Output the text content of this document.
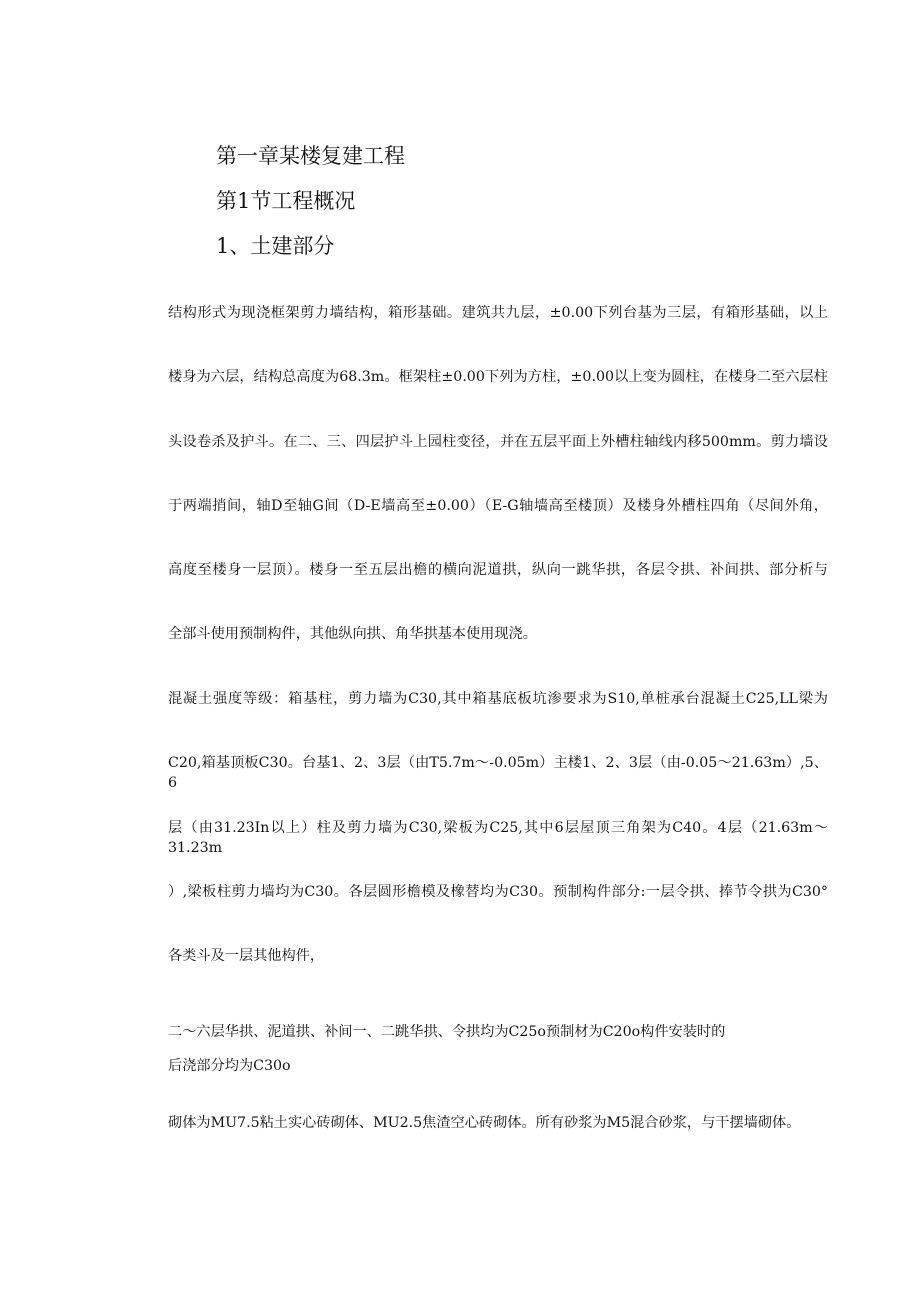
第一章某楼复建工程
第1节工程概况
1、土建部分

结构形式为现浇框架剪力墙结构，箱形基础。建筑共九层，±0.00下列台基为三层，有箱形基础，以上

楼身为六层，结构总高度为68.3m。框架柱±0.00下列为方柱，±0.00以上变为圆柱，在楼身二至六层柱

头设卷杀及护斗。在二、三、四层护斗上园柱变径，并在五层平面上外槽柱轴线内移500mm。剪力墙设

于两端捎间，轴D至轴G间（D-E墙高至±0.00）（E-G轴墙高至楼顶）及楼身外槽柱四角（尽间外角，

高度至楼身一层顶）。楼身一至五层出檐的横向泥道拱，纵向一跳华拱，各层令拱、补间拱、部分析与

全部斗使用预制构件，其他纵向拱、角华拱基本使用现浇。

混凝土强度等级：箱基柱，剪力墙为C30,其中箱基底板坑渗要求为S10,单桩承台混凝土C25,LL梁为

C20,箱基顶板C30。台基1、2、3层（由T5.7m～-0.05m）主楼1、2、3层（由-0.05～21.63m）,5、6

层（由31.23In以上）柱及剪力墙为C30,梁板为C25,其中6层屋顶三角架为C40。4层（21.63m～31.23m

）,梁板柱剪力墙均为C30。各层圆形檐模及橡替均为C30。预制构件部分:一层令拱、捧节令拱为C30°

各类斗及一层其他构件，

二～六层华拱、泥道拱、补间一、二跳华拱、令拱均为C25o预制材为C20o构件安装时的

后浇部分均为C30o

砌体为MU7.5粘土实心砖砌体、MU2.5焦渣空心砖砌体。所有砂浆为M5混合砂浆，与干摆墙砌体。
